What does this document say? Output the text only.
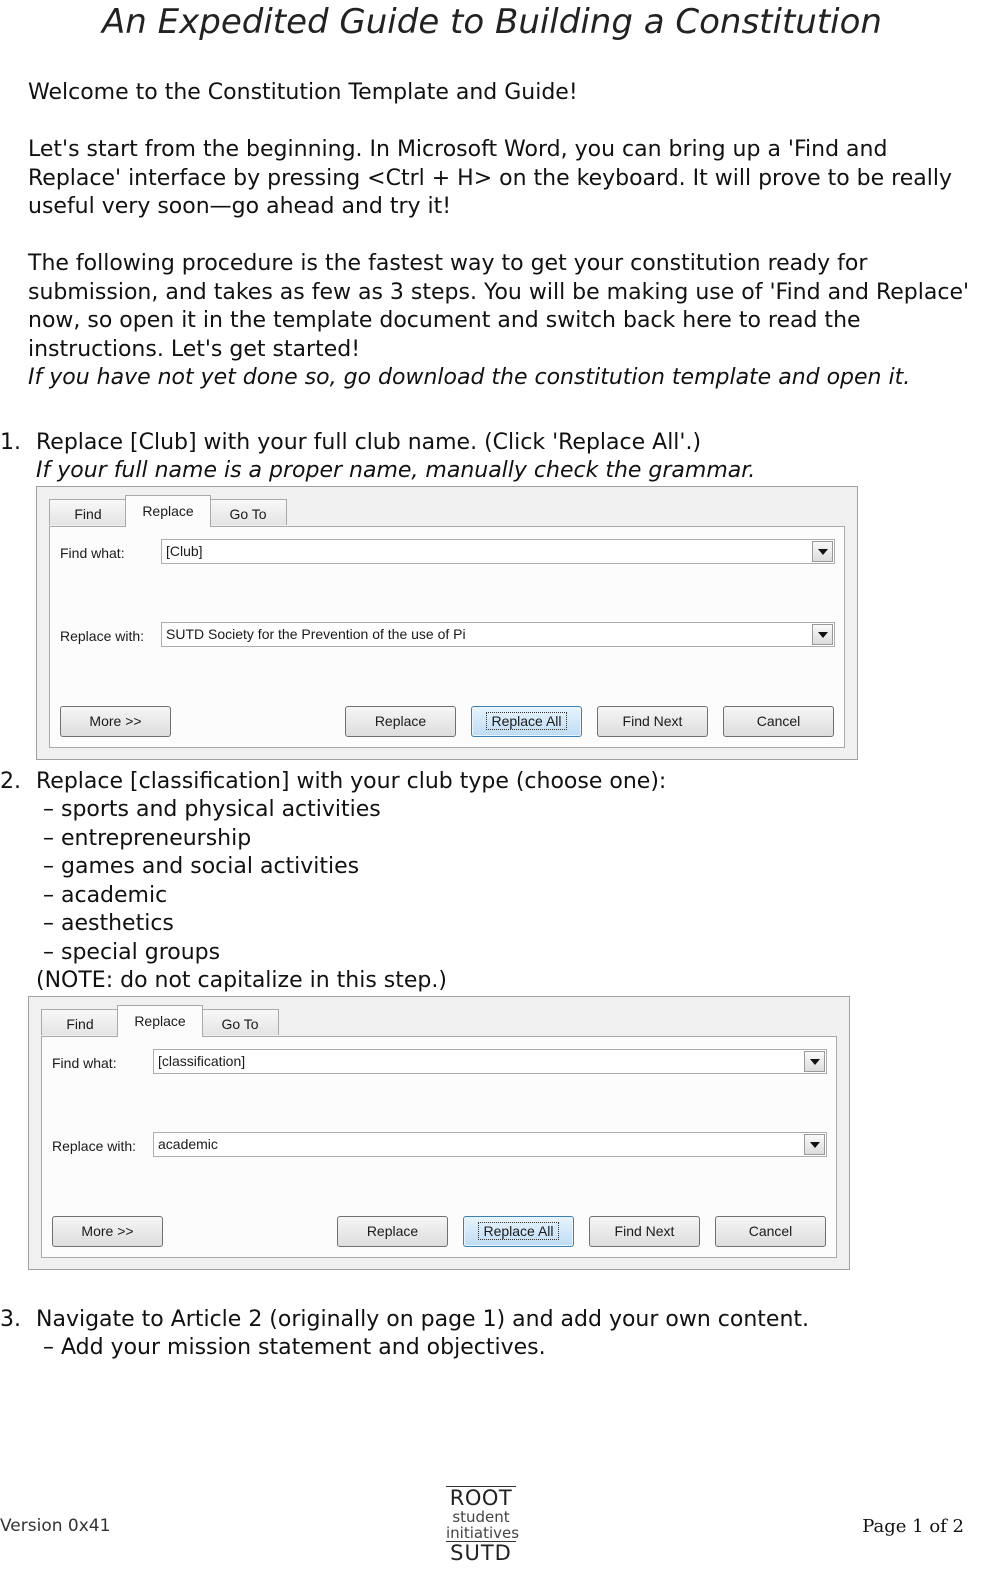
An Expedited Guide to Building a Constitution
Welcome to the Constitution Template and Guide!
Let's start from the beginning. In Microsoft Word, you can bring up a 'Find and
Replace' interface by pressing <Ctrl + H> on the keyboard. It will prove to be really
useful very soon—go ahead and try it!
The following procedure is the fastest way to get your constitution ready for
submission, and takes as few as 3 steps. You will be making use of 'Find and Replace'
now, so open it in the template document and switch back here to read the
instructions. Let's get started!
If you have not yet done so, go download the constitution template and open it.
1. Replace [Club] with your full club name. (Click 'Replace All'.)
If your full name is a proper name, manually check the grammar.
Find	Replace	Go To
Find what:	[Club]
Replace with: SUTD Society for the Prevention of the use of Pi
More >>	Replace	Replace All	Find Next	Cancel
2. Replace [classification] with your club type (choose one):
– sports and physical activities
– entrepreneurship
– games and social activities
– academic
– aesthetics
– special groups
(NOTE: do not capitalize in this step.)
Find	Replace	Go To
Find what:	[classification]
Replace with: academic
More >>	Replace	Replace All	Find Next	Cancel
3. Navigate to Article 2 (originally on page 1) and add your own content.
– Add your mission statement and objectives.
Version 0x41
ROOT
student
initiatives
SUTD
Page 1 of 2
